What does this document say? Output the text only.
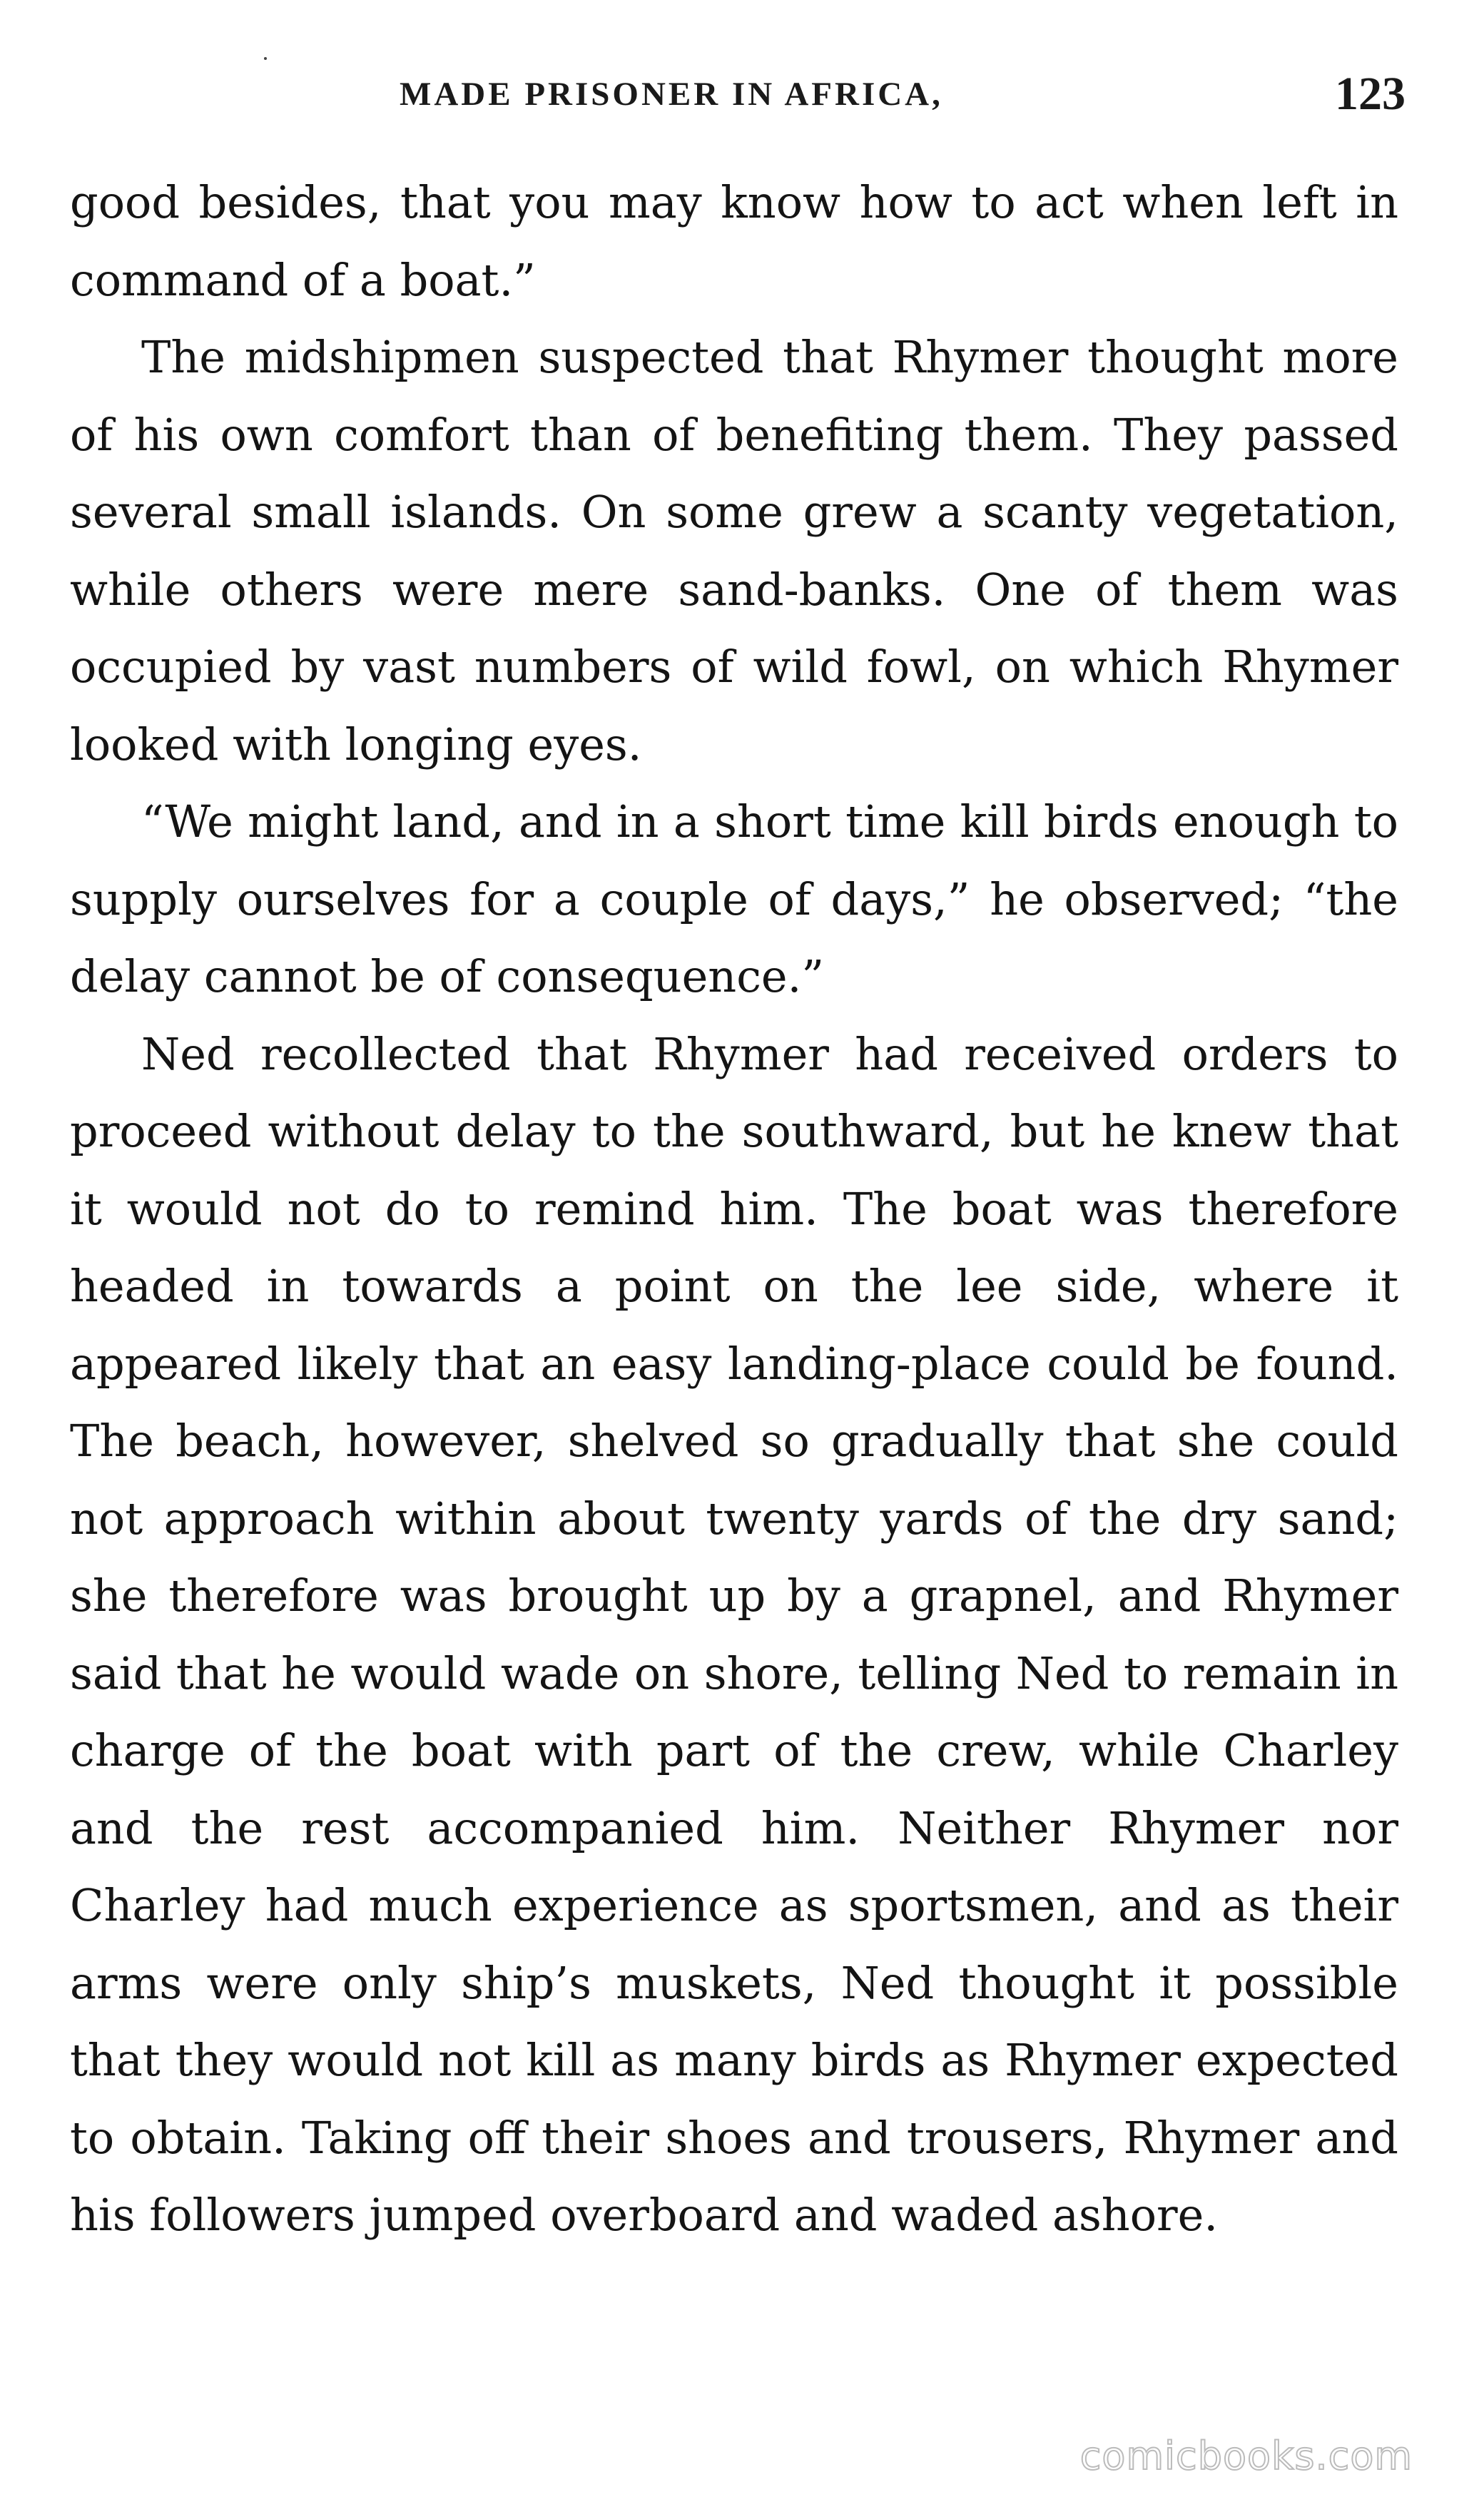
MADE PRISONER IN AFRICA,	123

good besides, that you may know how to act when left in command of a boat.”

The midshipmen suspected that Rhymer thought more of his own comfort than of benefiting them. They passed several small islands. On some grew a scanty vegetation, while others were mere sand-banks. One of them was occupied by vast numbers of wild fowl, on which Rhymer looked with longing eyes.

“We might land, and in a short time kill birds enough to supply ourselves for a couple of days,” he observed; “the delay cannot be of consequence.”

Ned recollected that Rhymer had received orders to proceed without delay to the southward, but he knew that it would not do to remind him. The boat was therefore headed in towards a point on the lee side, where it appeared likely that an easy landing-place could be found. The beach, however, shelved so gradually that she could not approach within about twenty yards of the dry sand; she therefore was brought up by a grapnel, and Rhymer said that he would wade on shore, telling Ned to remain in charge of the boat with part of the crew, while Charley and the rest accompanied him. Neither Rhymer nor Charley had much experience as sportsmen, and as their arms were only ship’s muskets, Ned thought it possible that they would not kill as many birds as Rhymer expected to obtain. Taking off their shoes and trousers, Rhymer and his followers jumped overboard and waded ashore.

comicbooks.com
